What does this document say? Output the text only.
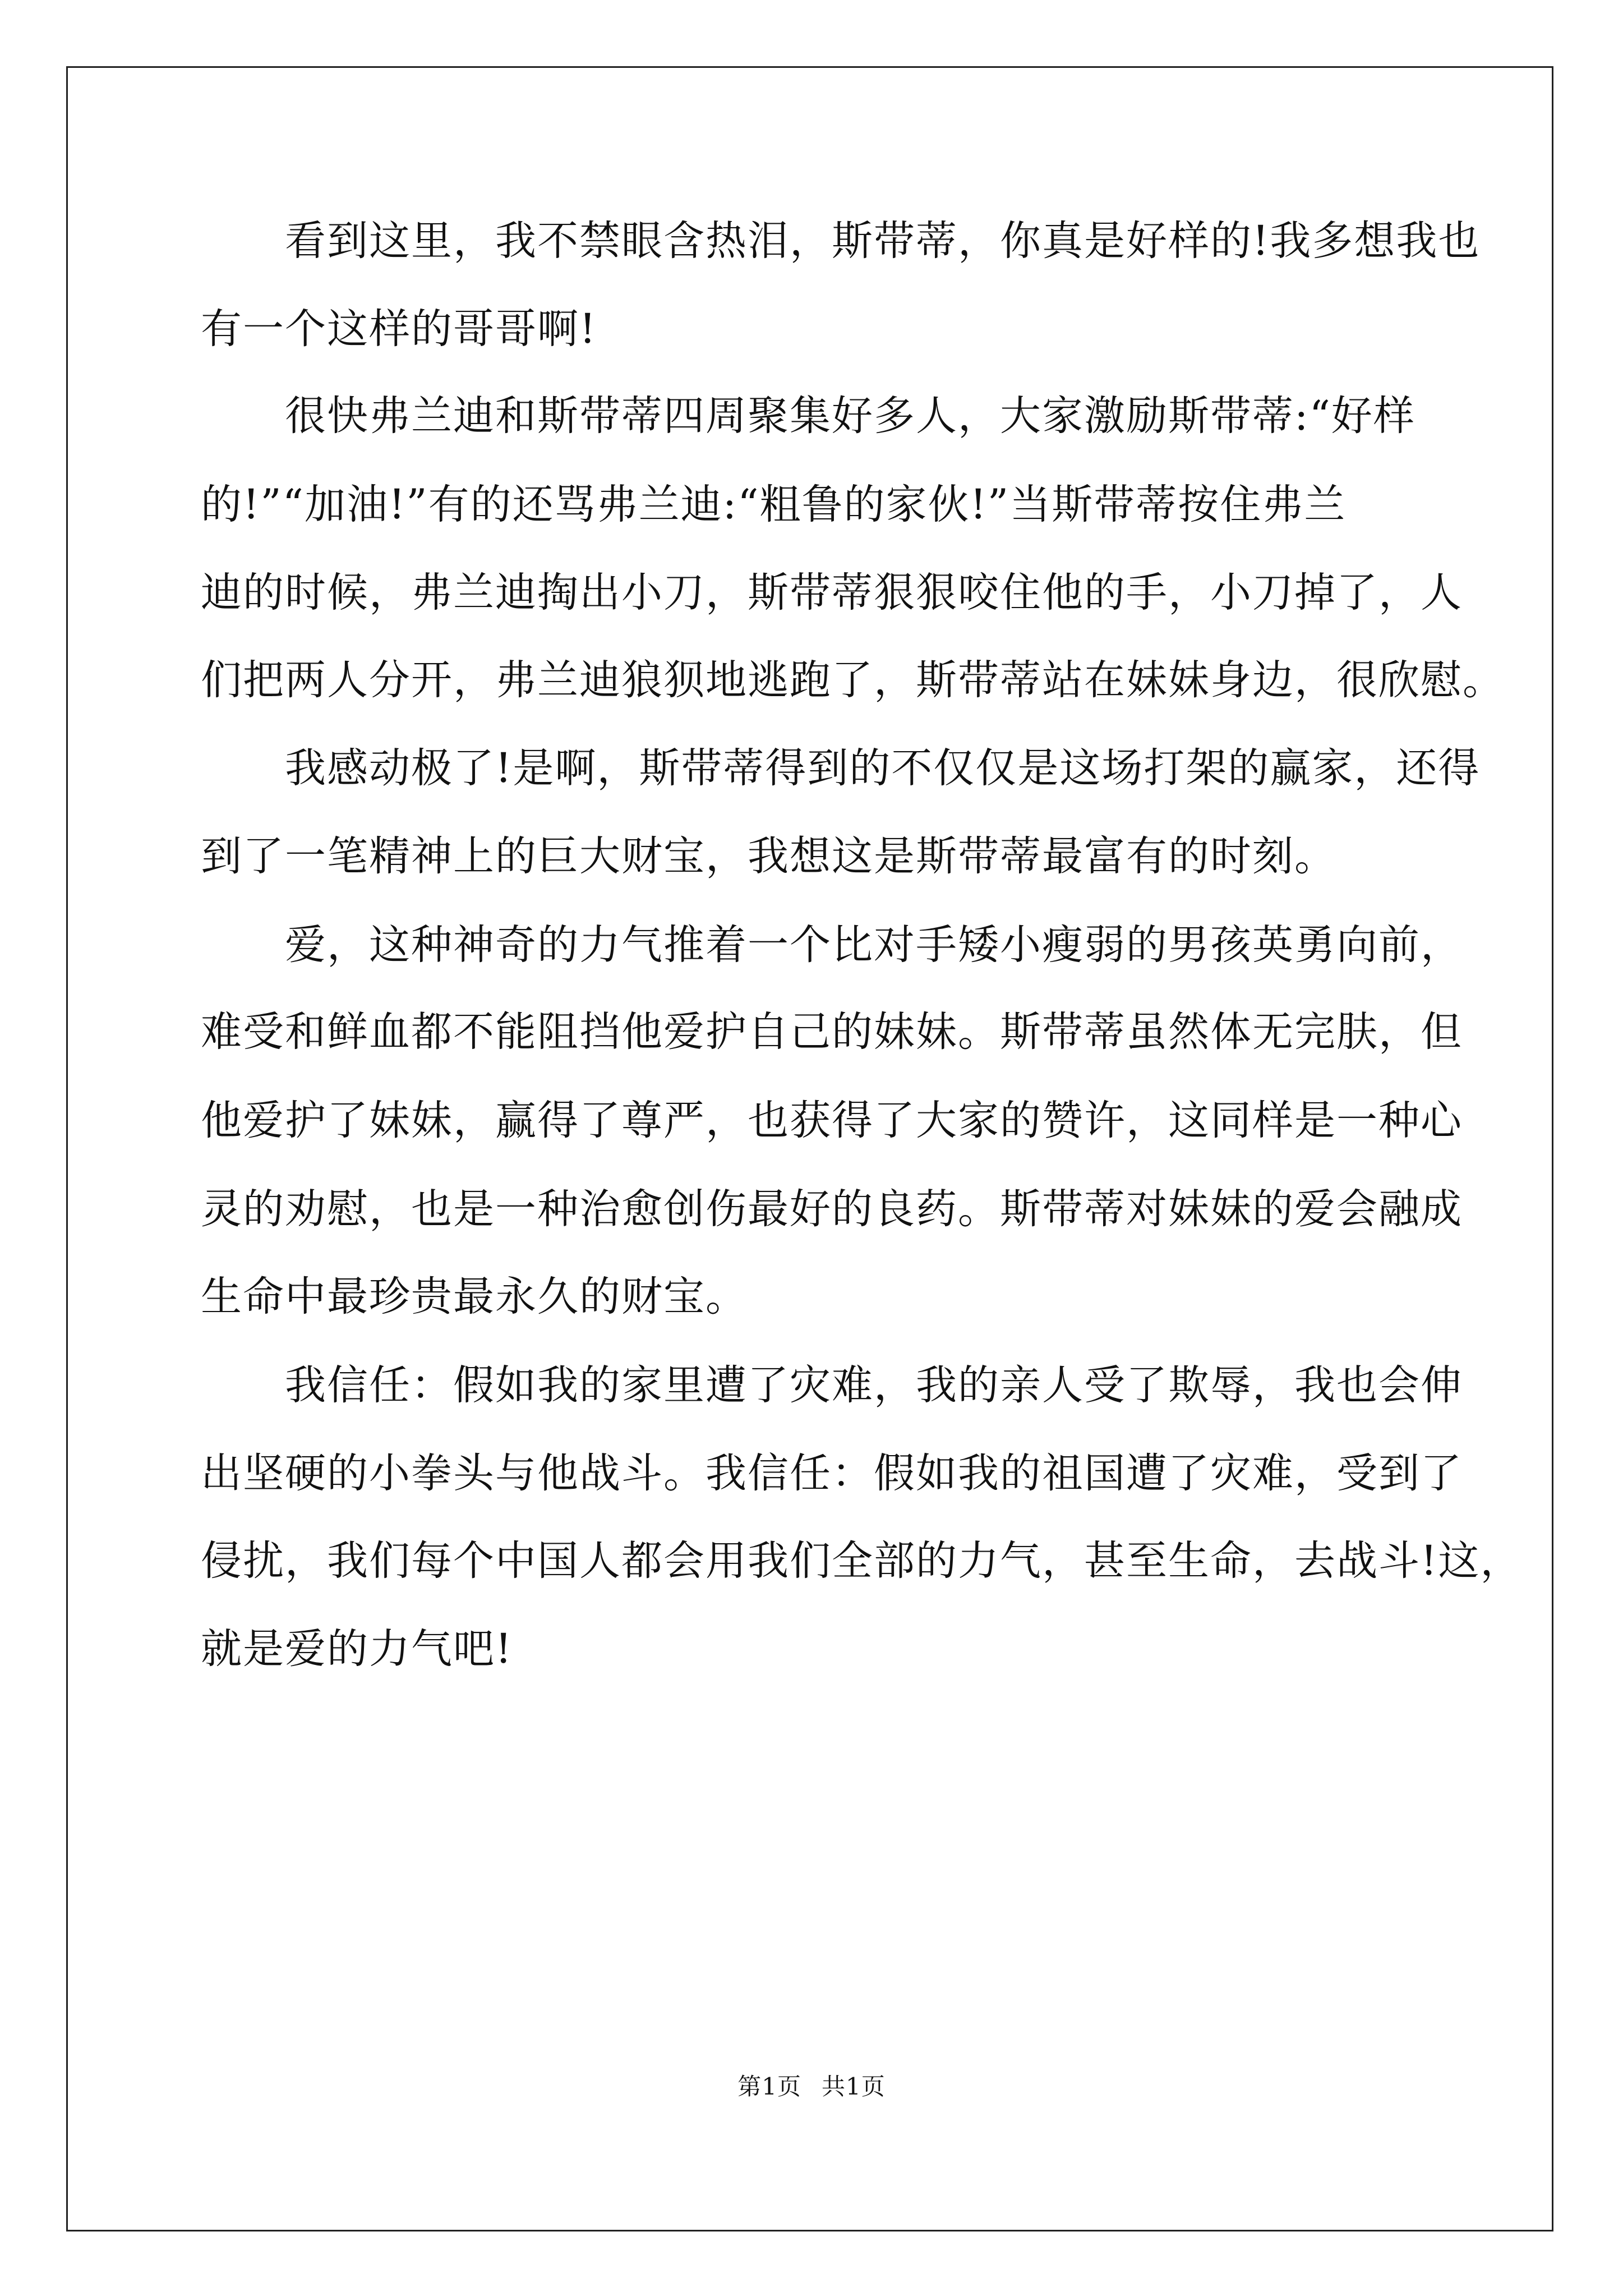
看到这里，我不禁眼含热泪，斯带蒂，你真是好样的!我多想我也
有一个这样的哥哥啊!
很快弗兰迪和斯带蒂四周聚集好多人，大家激励斯带蒂:“好样
的!”“加油!”有的还骂弗兰迪:“粗鲁的家伙!”当斯带蒂按住弗兰
迪的时候，弗兰迪掏出小刀，斯带蒂狠狠咬住他的手，小刀掉了，人
们把两人分开，弗兰迪狼狈地逃跑了，斯带蒂站在妹妹身边，很欣慰。
我感动极了!是啊，斯带蒂得到的不仅仅是这场打架的赢家，还得
到了一笔精神上的巨大财宝，我想这是斯带蒂最富有的时刻。
爱，这种神奇的力气推着一个比对手矮小瘦弱的男孩英勇向前，
难受和鲜血都不能阻挡他爱护自己的妹妹。斯带蒂虽然体无完肤，但
他爱护了妹妹，赢得了尊严，也获得了大家的赞许，这同样是一种心
灵的劝慰，也是一种治愈创伤最好的良药。斯带蒂对妹妹的爱会融成
生命中最珍贵最永久的财宝。
我信任：假如我的家里遭了灾难，我的亲人受了欺辱，我也会伸
出坚硬的小拳头与他战斗。我信任：假如我的祖国遭了灾难，受到了
侵扰，我们每个中国人都会用我们全部的力气，甚至生命，去战斗!这，
就是爱的力气吧!
第1页 共1页
